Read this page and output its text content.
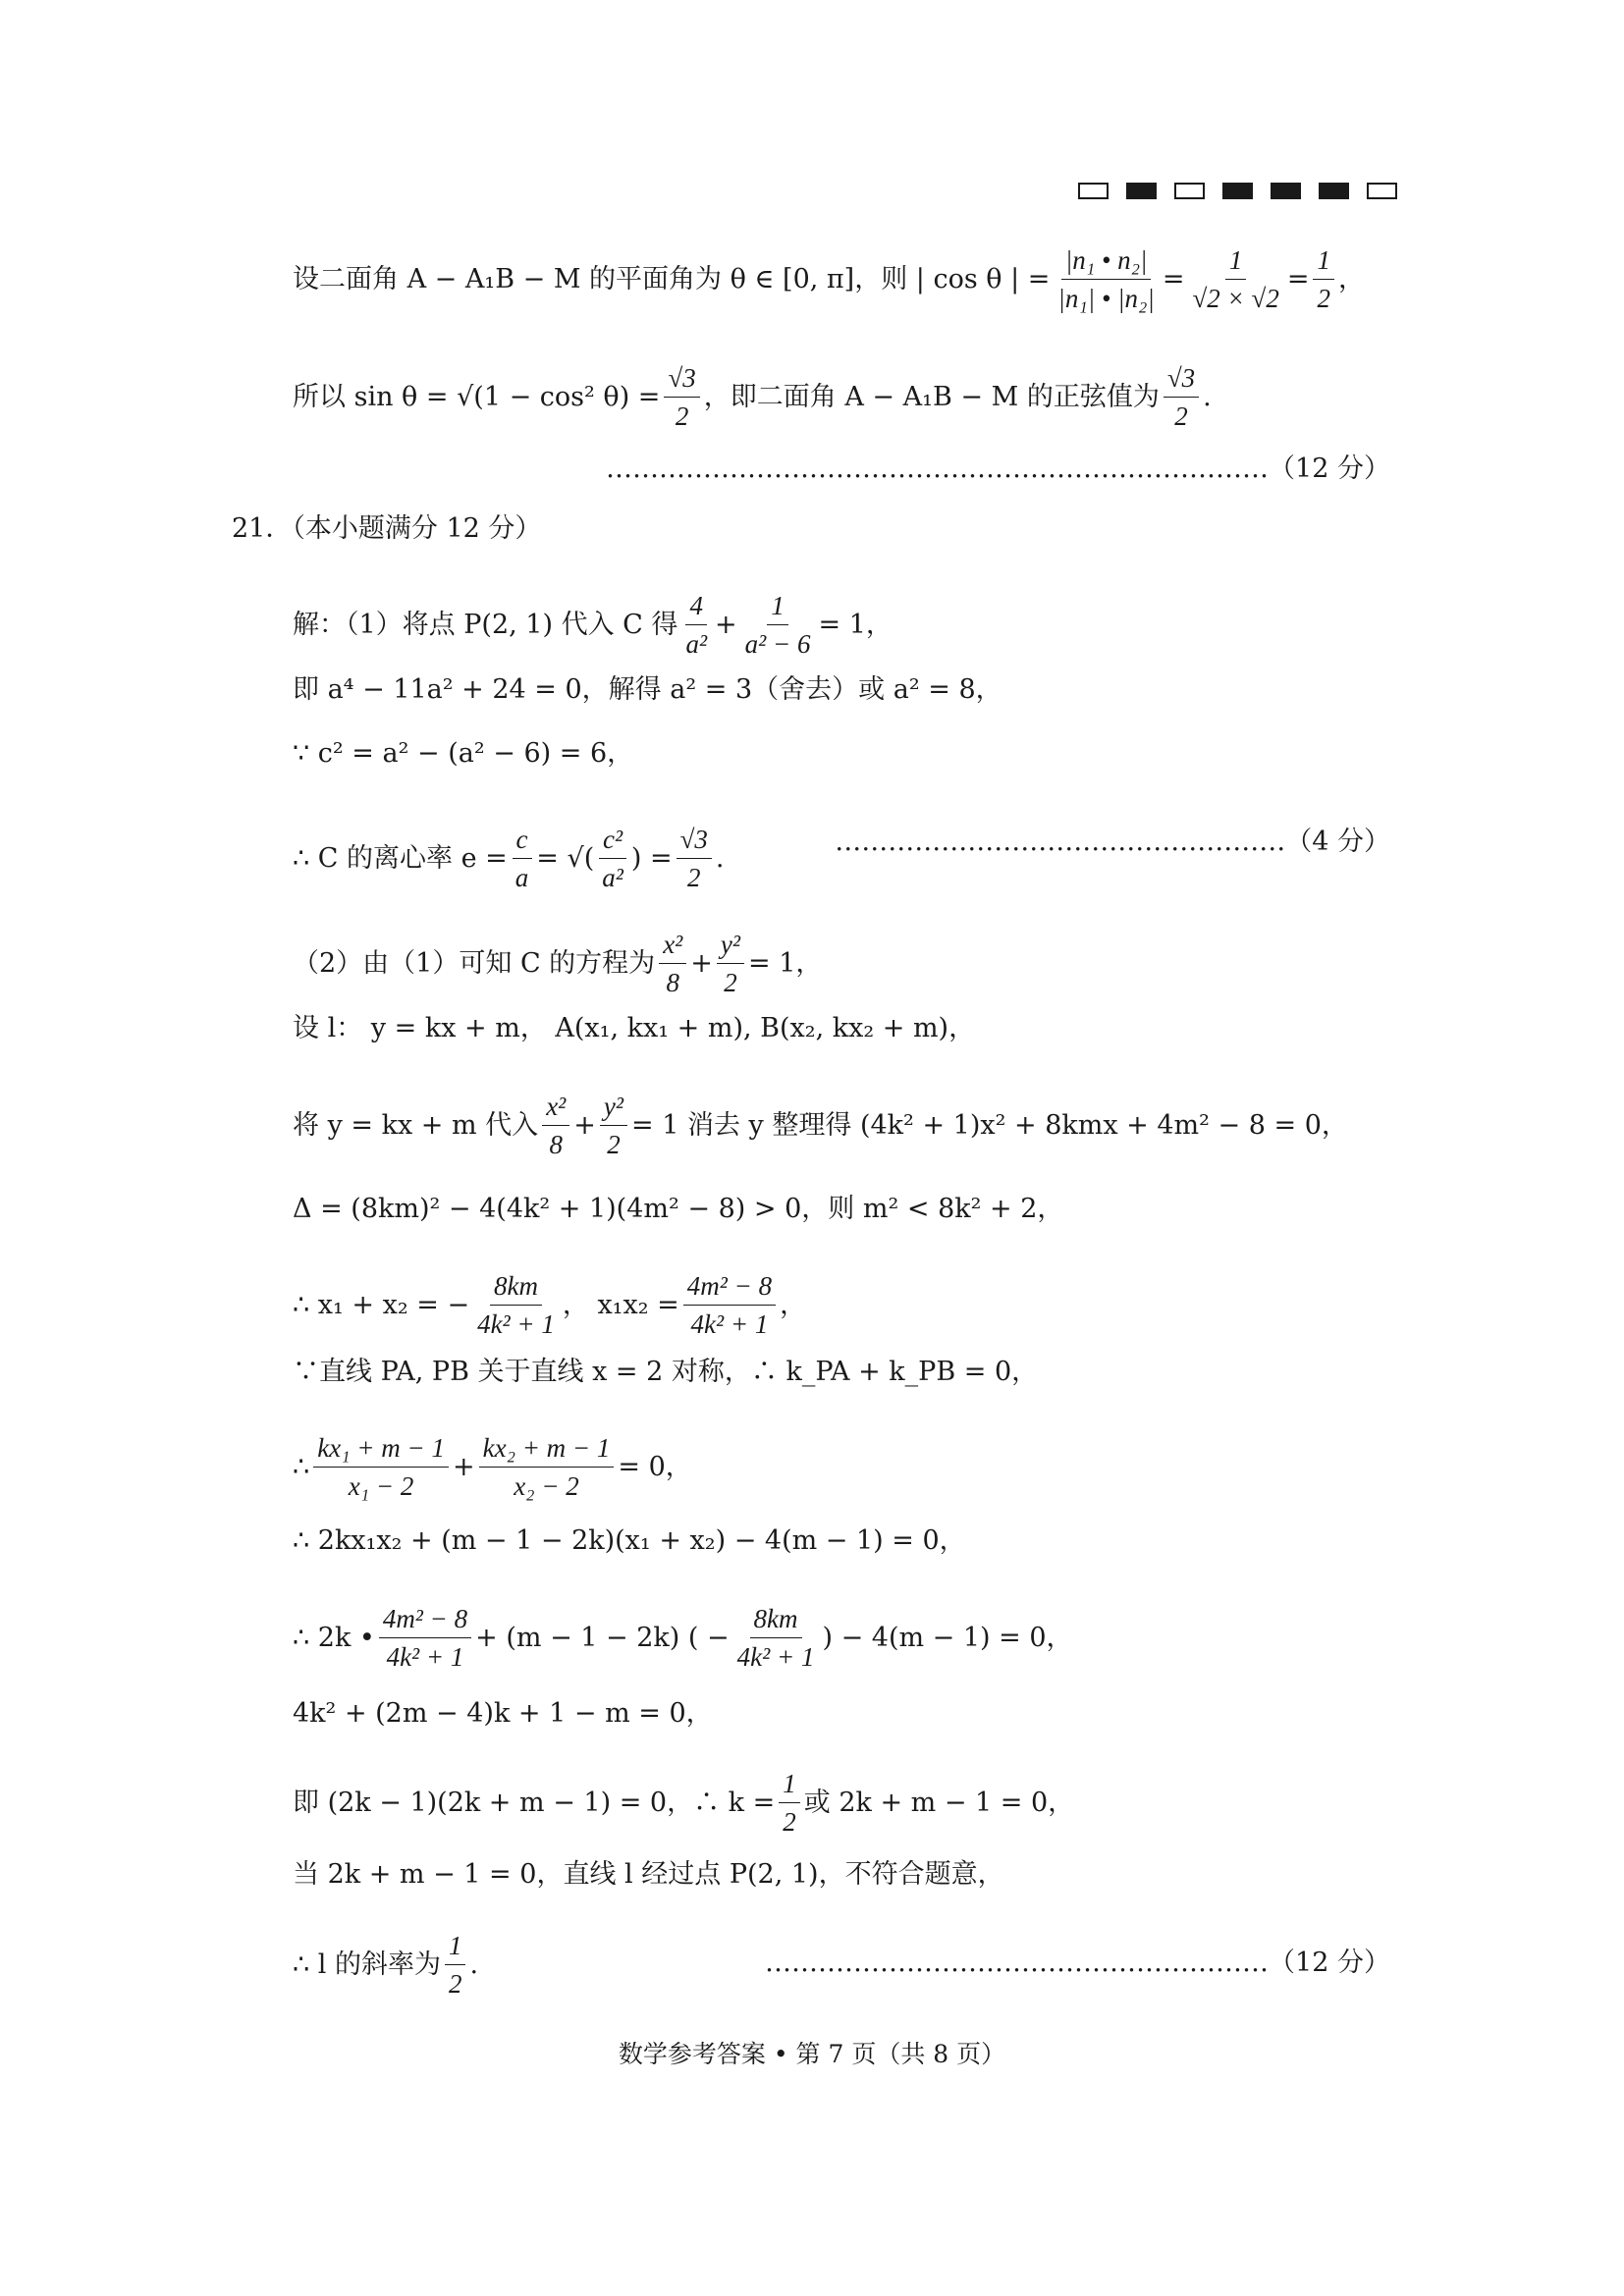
设二面角 A − A₁B − M 的平面角为 θ ∈ [0, π]，则 | cos θ | = $\frac{\text{|n₁ • n₂|}}{\text{|n₁| • |n₂|}} = \frac{1}{√2 \times √2} = \frac{1}{2}$ ，
所以 sin θ = √(1 − cos² $\theta) = \frac{√3}{2}$ ，即二面角 A − A₁B − M 的正弦值为 $\frac{√3}{2}$ .
…………………………………………………………………（12 分）
21．（本小题满分 12 分）
解：（1）将点 P(2, 1) 代入 C 得 $\frac{4}{\text{a²}} + \frac{1}{\text{a² − 6}} = 1$，
即 a⁴ − 11a² + 24 = 0，解得 a² = 3（舍去）或 a² = 8，
∵ c² = a² − (a² − 6) = 6，
∴ C 的离心率 $e = \frac{c}{a}$ = √( $\frac{\text{c²}}{\text{a²}}$ ) = $\frac{√3}{2}$ .
……………………………………………（4 分）
（2）由（1）可知 C 的方程为 $\frac{\text{x²}}{8} + \frac{\text{y²}}{2} = 1$，
设 l： y = kx + m， A(x₁, kx₁ + m), B(x₂, kx₂ + m)，
将 y = kx + m 代入 $\frac{\text{x²}}{8} + \frac{\text{y²}}{2} = 1$ 消去 y 整理得 (4k² + 1)x² + 8kmx + 4m² − 8 = 0，
Δ = (8km)² − 4(4k² + 1)(4m² − 8) > 0，则 m² < 8k² + 2，
∴ x₁ + x₂ = − $\frac{8km}{\text{4k² + 1}}$ ， $x_1x_2 = \frac{\text{4m² − 8}}{\text{4k² + 1}}$ ，
∵直线 PA, PB 关于直线 x = 2 对称，∴ k_PA + k_PB = 0，
∴ $\frac{\text{kx₁ + m − 1}}{\text{x₁ − 2}} + \frac{\text{kx₂ + m − 1}}{\text{x₂ − 2}} = 0$，
∴ 2kx₁x₂ + (m − 1 − 2k)(x₁ + x₂) − 4(m − 1) = 0，
∴ 2k • $\frac{\text{4m² − 8}}{\text{4k² + 1}} + (m - 1 - 2k)$ ( − $\frac{8km}{\text{4k² + 1}}$ ) − 4(m − 1) = 0，
4k² + (2m − 4)k + 1 − m = 0，
即 (2k − 1)(2k + m − 1) = 0，∴ $k = \frac{1}{2}$ 或 2k + m − 1 = 0，
当 2k + m − 1 = 0，直线 l 经过点 P(2, 1)，不符合题意，
∴ l 的斜率为 $\frac{1}{2}$ .	…………………………………………………（12 分）
数学参考答案 • 第 7 页（共 8 页）
